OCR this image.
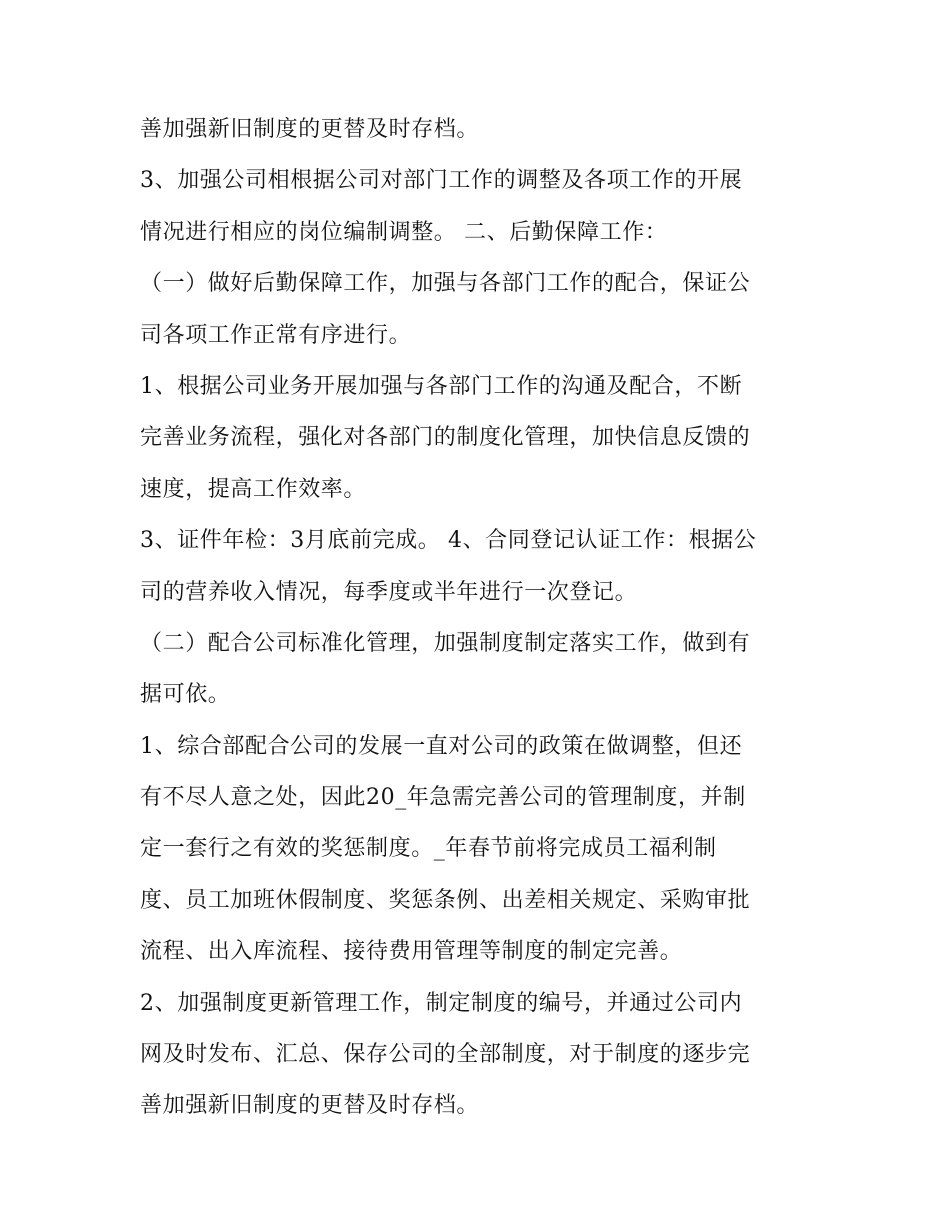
善加强新旧制度的更替及时存档。
3、加强公司相根据公司对部门工作的调整及各项工作的开展
情况进行相应的岗位编制调整。 二、后勤保障工作：
（一）做好后勤保障工作，加强与各部门工作的配合，保证公
司各项工作正常有序进行。
1、根据公司业务开展加强与各部门工作的沟通及配合，不断
完善业务流程，强化对各部门的制度化管理，加快信息反馈的
速度，提高工作效率。
3、证件年检：3月底前完成。 4、合同登记认证工作：根据公
司的营养收入情况，每季度或半年进行一次登记。
（二）配合公司标准化管理，加强制度制定落实工作，做到有
据可依。
1、综合部配合公司的发展一直对公司的政策在做调整，但还
有不尽人意之处，因此20_年急需完善公司的管理制度，并制
定一套行之有效的奖惩制度。_年春节前将完成员工福利制
度、员工加班休假制度、奖惩条例、出差相关规定、采购审批
流程、出入库流程、接待费用管理等制度的制定完善。
2、加强制度更新管理工作，制定制度的编号，并通过公司内
网及时发布、汇总、保存公司的全部制度，对于制度的逐步完
善加强新旧制度的更替及时存档。
